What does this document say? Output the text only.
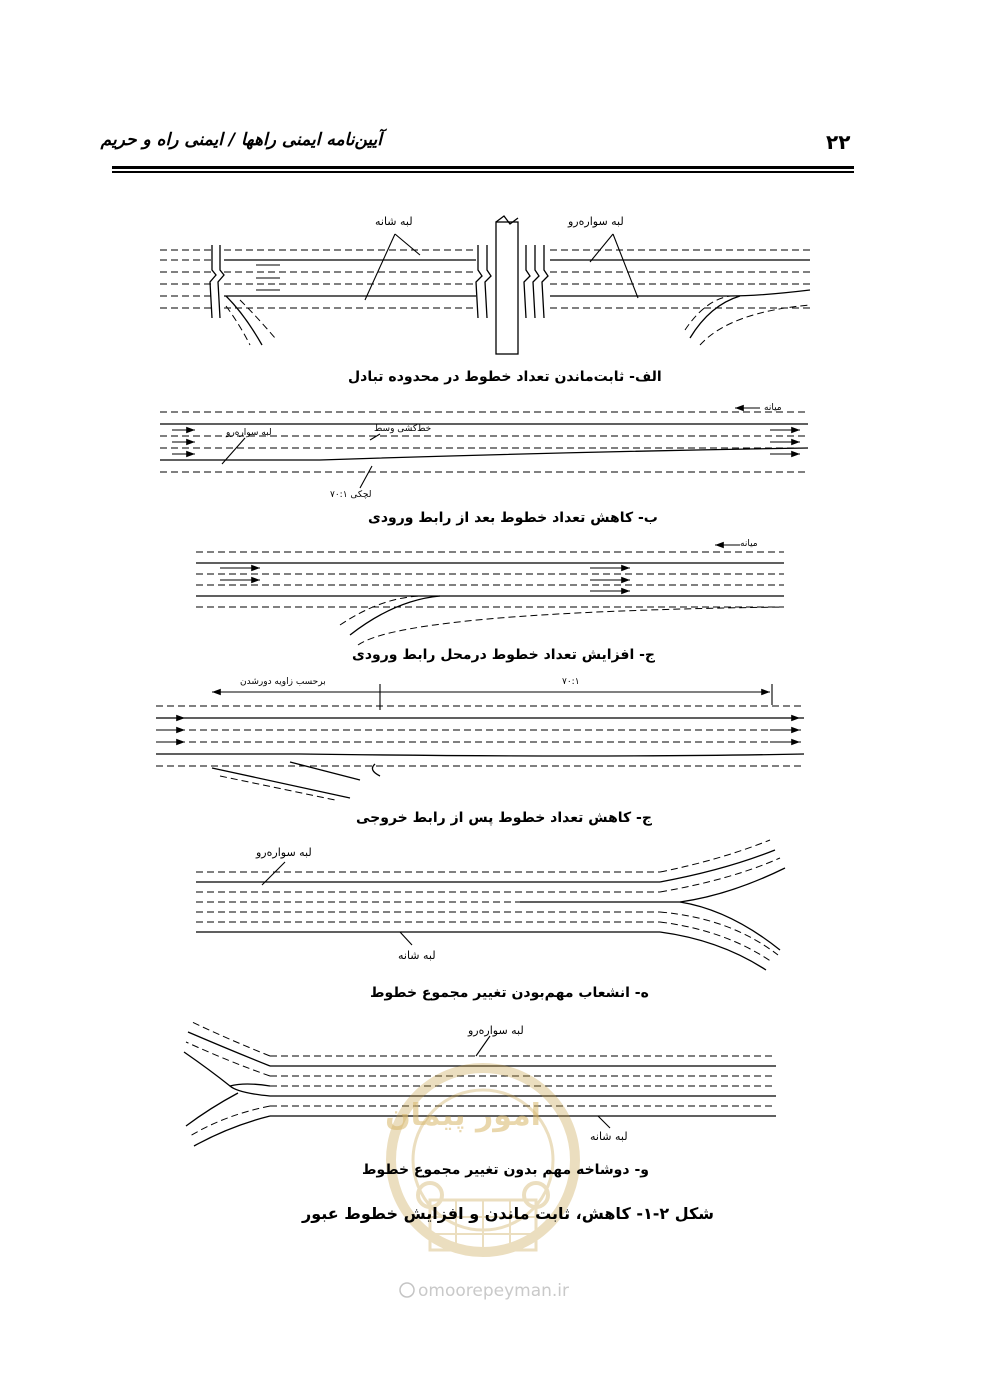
۲۲
آیین‌نامه ایمنی راهها / ایمنی راه و حریم
امور پیمان
لبه شانه	لبه سواره‌رو
الف- ثابت‌ماندن تعداد خطوط در محدوده تبادل
میانه
لبه سواره‌رو	خط‌کشی وسط
لچکی ۷۰:۱
ب- کاهش تعداد خطوط بعد از رابط ورودی
میانه
ج- افزایش تعداد خطوط درمحل رابط ورودی
برحسب زاویه دورشدن	۷۰:۱
ج- کاهش تعداد خطوط پس از رابط خروجی
لبه سواره‌رو
لبه شانه
ه- انشعاب مهم‌بودن تغییر مجموع خطوط
لبه سواره‌رو
لبه شانه
و- دوشاخه مهم بدون تغییر مجموع خطوط
شکل ۲-۱- کاهش، ثابت ماندن و افزایش خطوط عبور
omoorepeyman.ir
